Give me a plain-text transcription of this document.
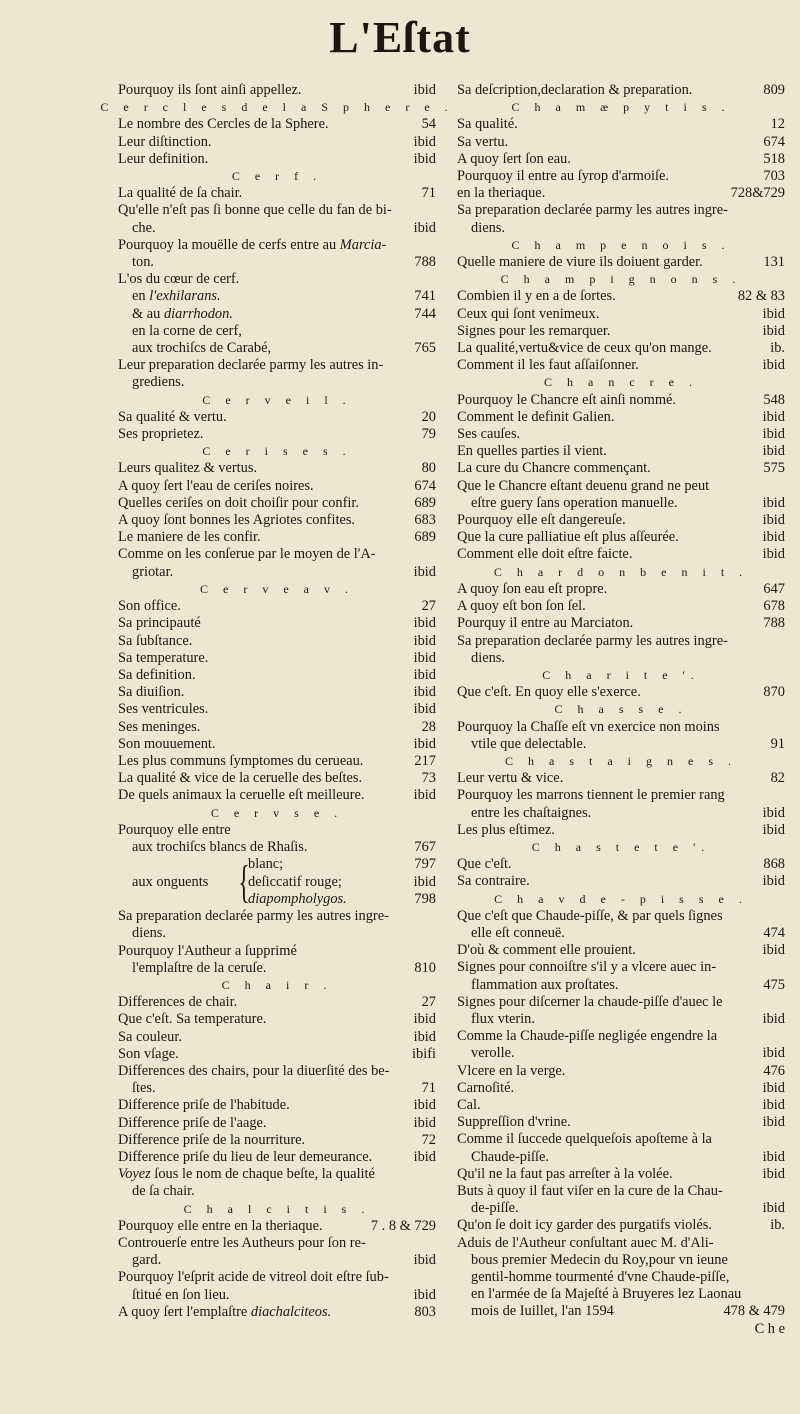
L'Eſtat
Pourquoy ils ſont ainſi appellez.	ibid
C e r c l e s d e l a S p h e r e .
Le nombre des Cercles de la Sphere.	54
Leur diſtinction.	ibid
Leur definition.	ibid
C e r f .
La qualité de ſa chair.	71
Qu'elle n'eſt pas ſi bonne que celle du fan de bi-
che.	ibid
Pourquoy la mouëlle de cerfs entre au Marcia-
ton.	788
L'os du cœur de cerf.
en l'exhilarans.	741
& au diarrhodon.	744
en la corne de cerf,
aux trochiſcs de Carabé,	765
Leur preparation declarée parmy les autres in-
grediens.
C e r v e i l .
Sa qualité & vertu.	20
Ses proprietez.	79
C e r i s e s .
Leurs qualitez & vertus.	80
A quoy ſert l'eau de ceriſes noires.	674
Quelles ceriſes on doit choiſir pour confir.	689
A quoy ſont bonnes les Agriotes confites.	683
Le maniere de les confir.	689
Comme on les conſerue par le moyen de l'A-
griotar.	ibid
C e r v e a v .
Son office.	27
Sa principauté	ibid
Sa ſubſtance.	ibid
Sa temperature.	ibid
Sa definition.	ibid
Sa diuiſion.	ibid
Ses ventricules.	ibid
Ses meninges.	28
Son mouuement.	ibid
Les plus communs ſymptomes du cerueau.	217
La qualité & vice de la ceruelle des beſtes.	73
De quels animaux la ceruelle eſt meilleure.	ibid
C e r v s e .
Pourquoy elle entre
aux trochiſcs blancs de Rhaſis.	767
aux onguents {
blanc;	797
deſiccatif rouge;	ibid
diapompholygos.	798
Sa preparation declarée parmy les autres ingre-
diens.
Pourquoy l'Autheur a ſupprimé
l'emplaſtre de la ceruſe.	810
C h a i r .
Differences de chair.	27
Que c'eſt. Sa temperature.	ibid
Sa couleur.	ibid
Son vſage.	ibifi
Differences des chairs, pour la diuerſité des be-
ſtes.	71
Difference priſe de l'habitude.	ibid
Difference priſe de l'aage.	ibid
Difference priſe de la nourriture.	72
Difference priſe du lieu de leur demeurance.	ibid
Voyez ſous le nom de chaque beſte, la qualité
de ſa chair.
C h a l c i t i s .
Pourquoy elle entre en la theriaque.	7 . 8 & 729
Controuerſe entre les Autheurs pour ſon re-
gard.	ibid
Pourquoy l'eſprit acide de vitreol doit eſtre ſub-
ſtitué en ſon lieu.	ibid
A quoy ſert l'emplaſtre diachalciteos.	803
Sa deſcription,declaration & preparation.	809
C h a m æ p y t i s .
Sa qualité.	12
Sa vertu.	674
A quoy ſert ſon eau.	518
Pourquoy il entre au ſyrop d'armoiſe.	703
en la theriaque.	728&729
Sa preparation declarée parmy les autres ingre-
diens.
C h a m p e n o i s .
Quelle maniere de viure ils doiuent garder.	131
C h a m p i g n o n s .
Combien il y en a de ſortes.	82 & 83
Ceux qui ſont venimeux.	ibid
Signes pour les remarquer.	ibid
La qualité,vertu&vice de ceux qu'on mange.	ib.
Comment il les faut aſſaiſonner.	ibid
C h a n c r e .
Pourquoy le Chancre eſt ainſi nommé.	548
Comment le definit Galien.	ibid
Ses cauſes.	ibid
En quelles parties il vient.	ibid
La cure du Chancre commençant.	575
Que le Chancre eſtant deuenu grand ne peut
eſtre guery ſans operation manuelle.	ibid
Pourquoy elle eſt dangereuſe.	ibid
Que la cure palliatiue eſt plus aſſeurée.	ibid
Comment elle doit eſtre faicte.	ibid
C h a r d o n b e n i t .
A quoy ſon eau eſt propre.	647
A quoy eſt bon ſon ſel.	678
Pourquy il entre au Marciaton.	788
Sa preparation declarée parmy les autres ingre-
diens.
C h a r i t e '.
Que c'eſt. En quoy elle s'exerce.	870
C h a s s e .
Pourquoy la Chaſſe eſt vn exercice non moins
vtile que delectable.	91
C h a s t a i g n e s .
Leur vertu & vice.	82
Pourquoy les marrons tiennent le premier rang
entre les chaſtaignes.	ibid
Les plus eſtimez.	ibid
C h a s t e t e '.
Que c'eſt.	868
Sa contraire.	ibid
C h a v d e - p i s s e .
Que c'eſt que Chaude-piſſe, & par quels ſignes
elle eſt conneuë.	474
D'où & comment elle prouient.	ibid
Signes pour connoiſtre s'il y a vlcere auec in-
flammation aux proſtates.	475
Signes pour diſcerner la chaude-piſſe d'auec le
flux vterin.	ibid
Comme la Chaude-piſſe negligée engendre la
verolle.	ibid
Vlcere en la verge.	476
Carnoſité.	ibid
Cal.	ibid
Suppreſſion d'vrine.	ibid
Comme il ſuccede quelqueſois apoſteme à la
Chaude-piſſe.	ibid
Qu'il ne la faut pas arreſter à la volée.	ibid
Buts à quoy il faut viſer en la cure de la Chau-
de-piſſe.	ibid
Qu'on ſe doit icy garder des purgatifs violés.	ib.
Aduis de l'Autheur conſultant auec M. d'Ali-
bous premier Medecin du Roy,pour vn ieune
gentil-homme tourmenté d'vne Chaude-piſſe,
en l'armée de ſa Majeſté à Bruyeres lez Laonau
mois de Iuillet, l'an 1594	478 & 479
C h e
